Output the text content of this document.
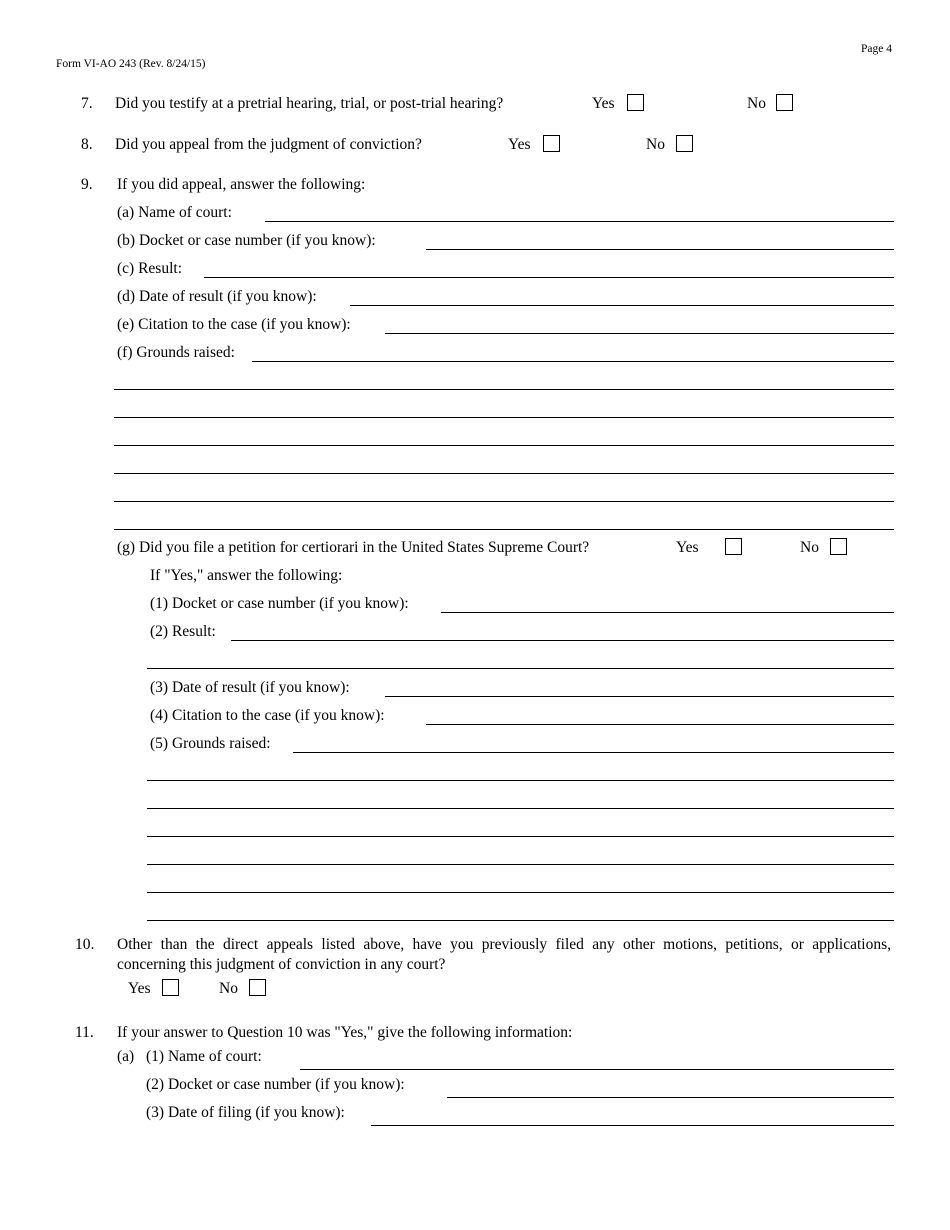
Form VI-AO 243 (Rev. 8/24/15)
Page 4
7. Did you testify at a pretrial hearing, trial, or post-trial hearing?	Yes	No
8. Did you appeal from the judgment of conviction?	Yes	No
9. If you did appeal, answer the following:
(a) Name of court:
(b) Docket or case number (if you know):
(c) Result:
(d) Date of result (if you know):
(e) Citation to the case (if you know):
(f) Grounds raised:
(g) Did you file a petition for certiorari in the United States Supreme Court?	Yes	No
If "Yes," answer the following:
(1) Docket or case number (if you know):
(2) Result:
(3) Date of result (if you know):
(4) Citation to the case (if you know):
(5) Grounds raised:
10. Other than the direct appeals listed above, have you previously filed any other motions, petitions, or applications, concerning this judgment of conviction in any court?
Yes	No
11. If your answer to Question 10 was "Yes," give the following information:
(a) (1) Name of court:
(2) Docket or case number (if you know):
(3) Date of filing (if you know):
